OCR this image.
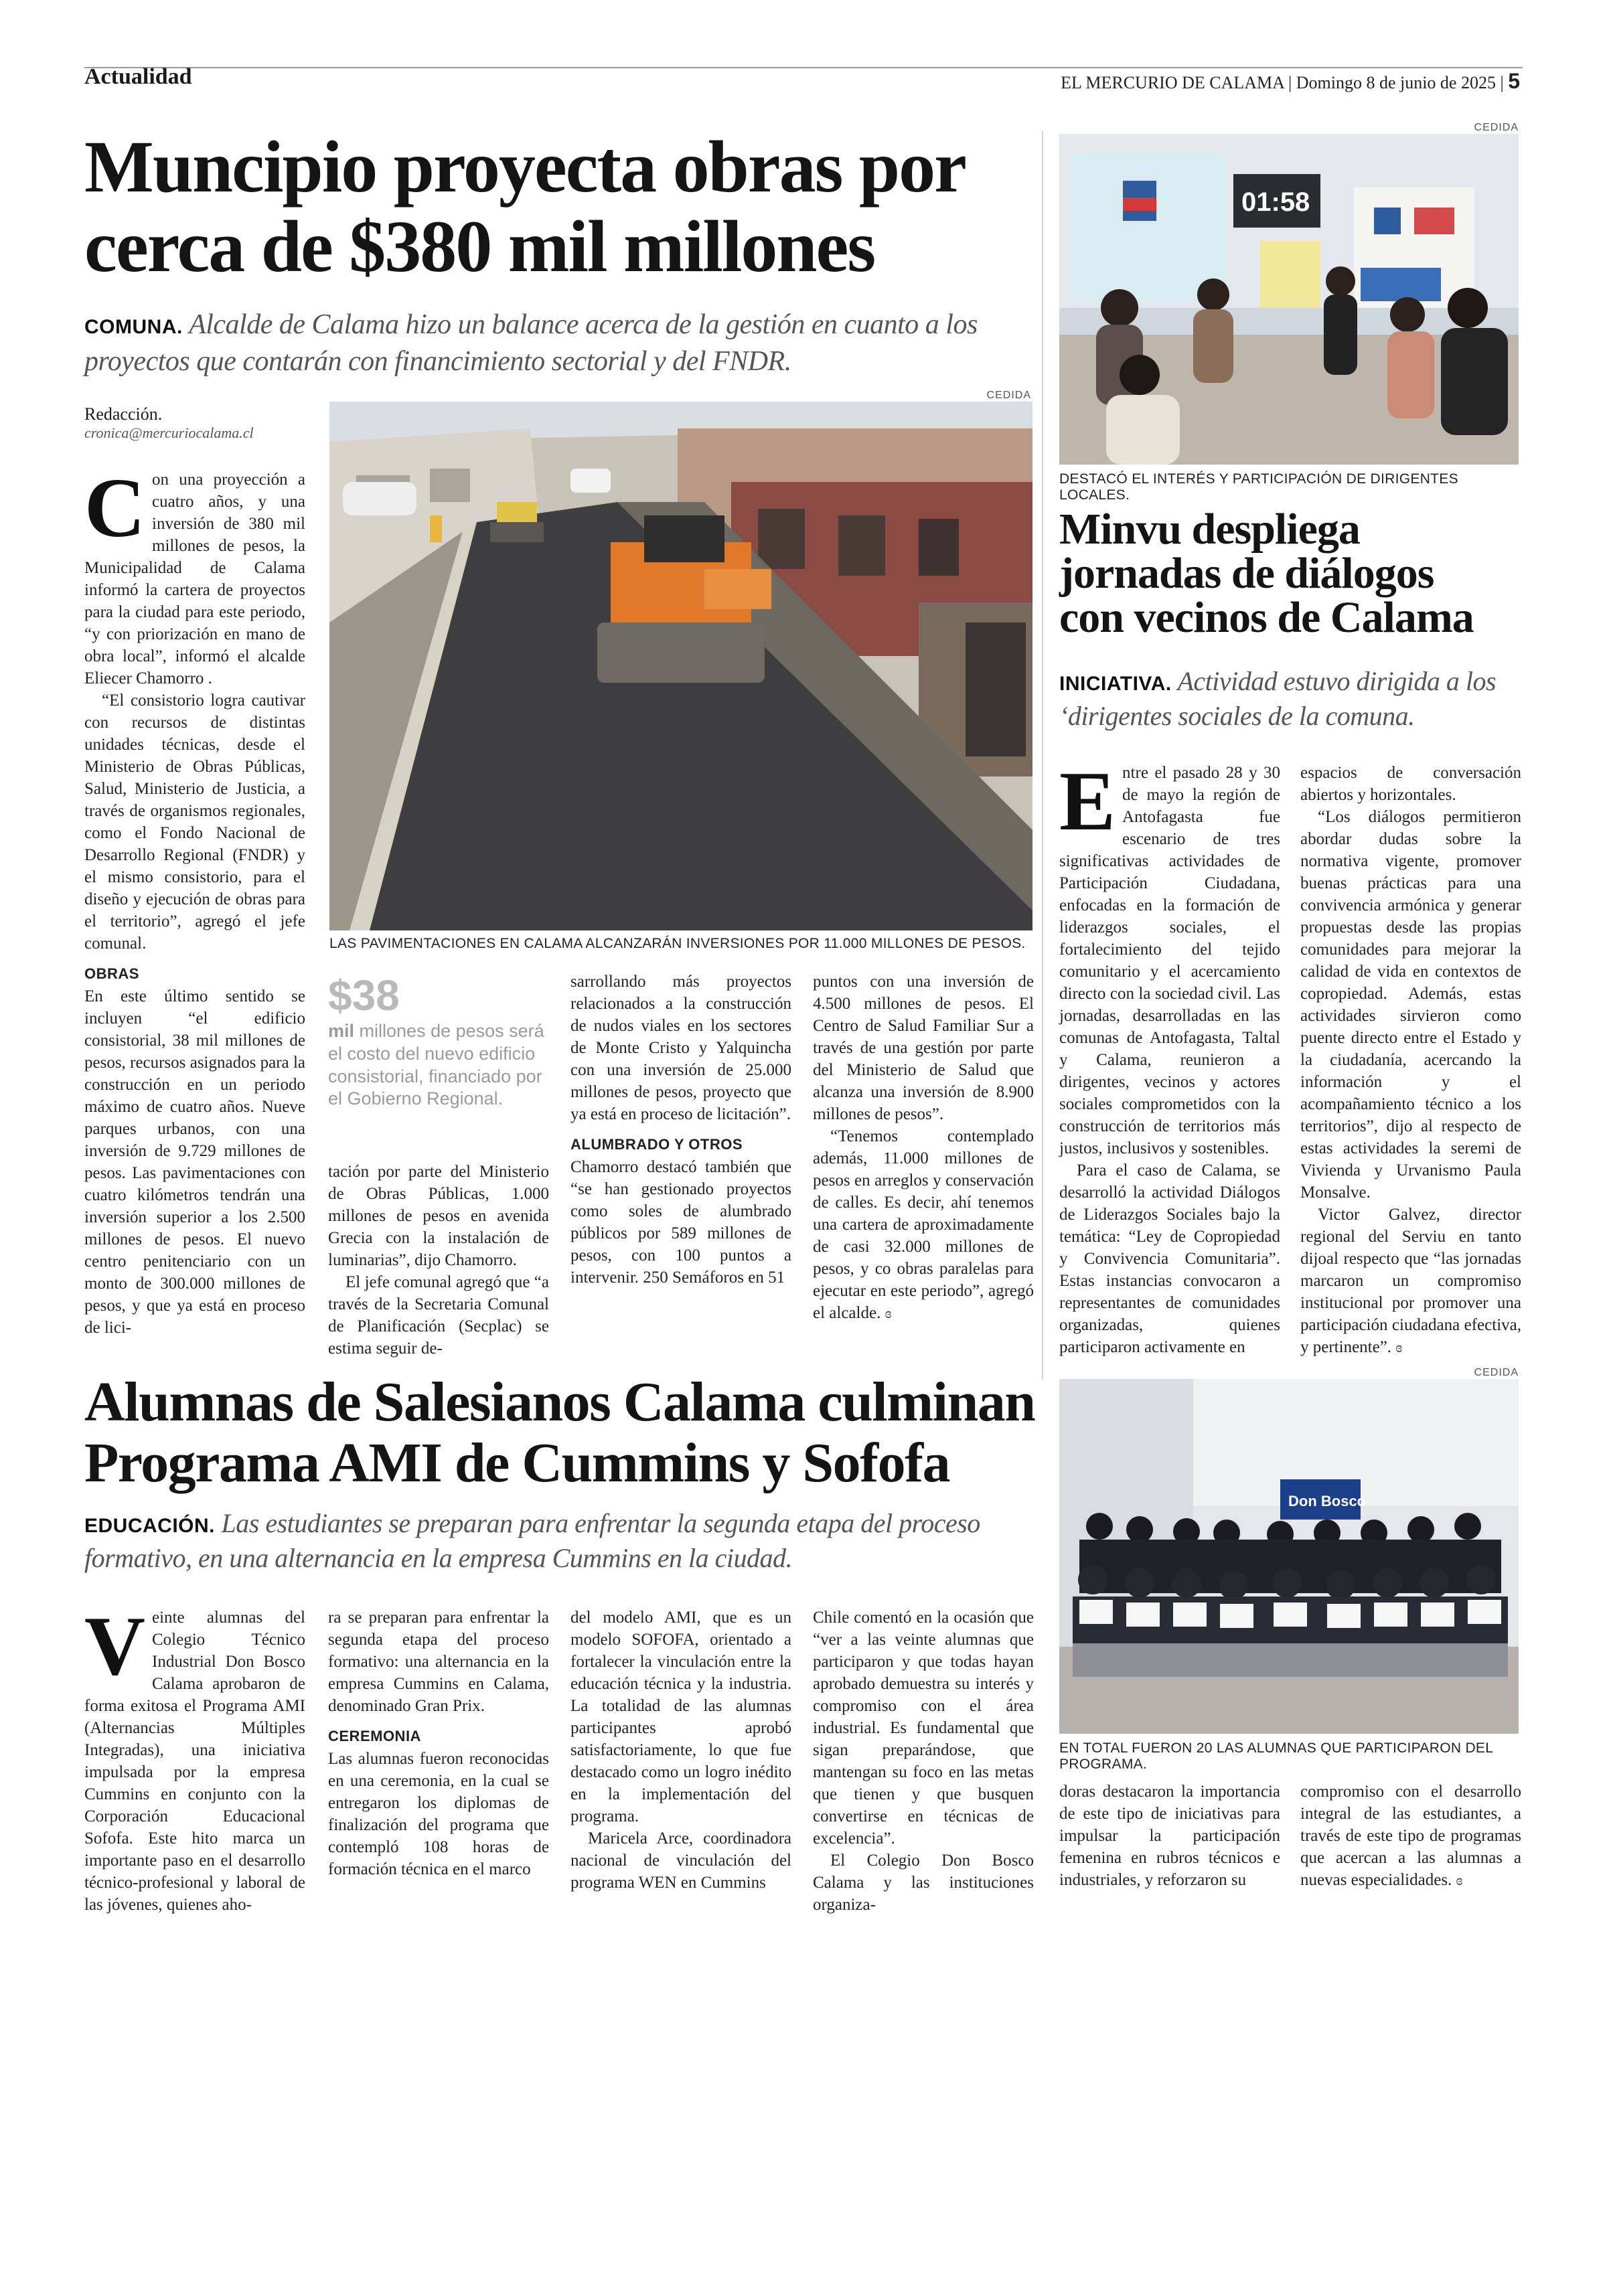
Actualidad	EL MERCURIO DE CALAMA | Domingo 8 de junio de 2025 | 5
Muncipio proyecta obras por
cerca de $380 mil millones
COMUNA. Alcalde de Calama hizo un balance acerca de la gestión en cuanto a los proyectos que contarán con financimiento sectorial y del FNDR.
Redacción.
cronica@mercuriocalama.cl
CEDIDA
LAS PAVIMENTACIONES EN CALAMA ALCANZARÁN INVERSIONES POR 11.000 MILLONES DE PESOS.

Con una proyección a cuatro años, y una inversión de 380 mil millones de pesos, la Municipalidad de Calama informó la cartera de proyectos para la ciudad para este periodo, “y con priorización en mano de obra local”, informó el alcalde Eliecer Chamorro .

“El consistorio logra cautivar con recursos de distintas unidades técnicas, desde el Ministerio de Obras Públicas, Salud, Ministerio de Justicia, a través de organismos regionales, como el Fondo Nacional de Desarrollo Regional (FNDR) y el mismo consistorio, para el diseño y ejecución de obras para el territorio”, agregó el jefe comunal.

OBRAS

En este último sentido se incluyen “el edificio consistorial, 38 mil millones de pesos, recursos asignados para la construcción en un periodo máximo de cuatro años. Nueve parques urbanos, con una inversión de 9.729 millones de pesos. Las pavimentaciones con cuatro kilómetros tendrán una inversión superior a los 2.500 millones de pesos. El nuevo centro penitenciario con un monto de 300.000 millones de pesos, y que ya está en proceso de lici-

$38
mil millones de pesos será el costo del nuevo edificio consistorial, financiado por el Gobierno Regional.

tación por parte del Ministerio de Obras Públicas, 1.000 millones de pesos en avenida Grecia con la instalación de luminarias”, dijo Chamorro.

El jefe comunal agregó que “a través de la Secretaria Comunal de Planificación (Secplac) se estima seguir de-

sarrollando más proyectos relacionados a la construcción de nudos viales en los sectores de Monte Cristo y Yalquincha con una inversión de 25.000 millones de pesos, proyecto que ya está en proceso de licitación”.

ALUMBRADO Y OTROS

Chamorro destacó también que “se han gestionado proyectos como soles de alumbrado públicos por 589 millones de pesos, con 100 puntos a intervenir. 250 Semáforos en 51

puntos con una inversión de 4.500 millones de pesos. El Centro de Salud Familiar Sur a través de una gestión por parte del Ministerio de Salud que alcanza una inversión de 8.900 millones de pesos”.

“Tenemos contemplado además, 11.000 millones de pesos en arreglos y conservación de calles. Es decir, ahí tenemos una cartera de aproximadamente de casi 32.000 millones de pesos, y co obras paralelas para ejecutar en este periodo”, agregó el alcalde. ɞ

CEDIDA
01:58
DESTACÓ EL INTERÉS Y PARTICIPACIÓN DE DIRIGENTES LOCALES.
Minvu despliega
jornadas de diálogos
con vecinos de Calama
INICIATIVA. Actividad estuvo dirigida a los ‘dirigentes sociales de la comuna.

Entre el pasado 28 y 30 de mayo la región de Antofagasta fue escenario de tres significativas actividades de Participación Ciudadana, enfocadas en la formación de liderazgos sociales, el fortalecimiento del tejido comunitario y el acercamiento directo con la sociedad civil. Las jornadas, desarrolladas en las comunas de Antofagasta, Taltal y Calama, reunieron a dirigentes, vecinos y actores sociales comprometidos con la construcción de territorios más justos, inclusivos y sostenibles.

Para el caso de Calama, se desarrolló la actividad Diálogos de Liderazgos Sociales bajo la temática: “Ley de Copropiedad y Convivencia Comunitaria”. Estas instancias convocaron a representantes de comunidades organizadas, quienes participaron activamente en

espacios de conversación abiertos y horizontales.

“Los diálogos permitieron abordar dudas sobre la normativa vigente, promover buenas prácticas para una convivencia armónica y generar propuestas desde las propias comunidades para mejorar la calidad de vida en contextos de copropiedad. Además, estas actividades sirvieron como puente directo entre el Estado y la ciudadanía, acercando la información y el acompañamiento técnico a los territorios”, dijo al respecto de estas actividades la seremi de Vivienda y Urvanismo Paula Monsalve.

Victor Galvez, director regional del Serviu en tanto dijoal respecto que “las jornadas marcaron un compromiso institucional por promover una participación ciudadana efectiva, y pertinente”. ɞ

Alumnas de Salesianos Calama culminan
Programa AMI de Cummins y Sofofa
EDUCACIÓN. Las estudiantes se preparan para enfrentar la segunda etapa del proceso formativo, en una alternancia en la empresa Cummins en la ciudad.
CEDIDA
Don Bosco
EN TOTAL FUERON 20 LAS ALUMNAS QUE PARTICIPARON DEL PROGRAMA.

Veinte alumnas del Colegio Técnico Industrial Don Bosco Calama aprobaron de forma exitosa el Programa AMI (Alternancias Múltiples Integradas), una iniciativa impulsada por la empresa Cummins en conjunto con la Corporación Educacional Sofofa. Este hito marca un importante paso en el desarrollo técnico-profesional y laboral de las jóvenes, quienes aho-

ra se preparan para enfrentar la segunda etapa del proceso formativo: una alternancia en la empresa Cummins en Calama, denominado Gran Prix.

CEREMONIA

Las alumnas fueron reconocidas en una ceremonia, en la cual se entregaron los diplomas de finalización del programa que contempló 108 horas de formación técnica en el marco

del modelo AMI, que es un modelo SOFOFA, orientado a fortalecer la vinculación entre la educación técnica y la industria. La totalidad de las alumnas participantes aprobó satisfactoriamente, lo que fue destacado como un logro inédito en la implementación del programa.

Maricela Arce, coordinadora nacional de vinculación del programa WEN en Cummins

Chile comentó en la ocasión que “ver a las veinte alumnas que participaron y que todas hayan aprobado demuestra su interés y compromiso con el área industrial. Es fundamental que sigan preparándose, que mantengan su foco en las metas que tienen y que busquen convertirse en técnicas de excelencia”.

El Colegio Don Bosco Calama y las instituciones organiza-

doras destacaron la importancia de este tipo de iniciativas para impulsar la participación femenina en rubros técnicos e industriales, y reforzaron su

compromiso con el desarrollo integral de las estudiantes, a través de este tipo de programas que acercan a las alumnas a nuevas especialidades. ɞ
